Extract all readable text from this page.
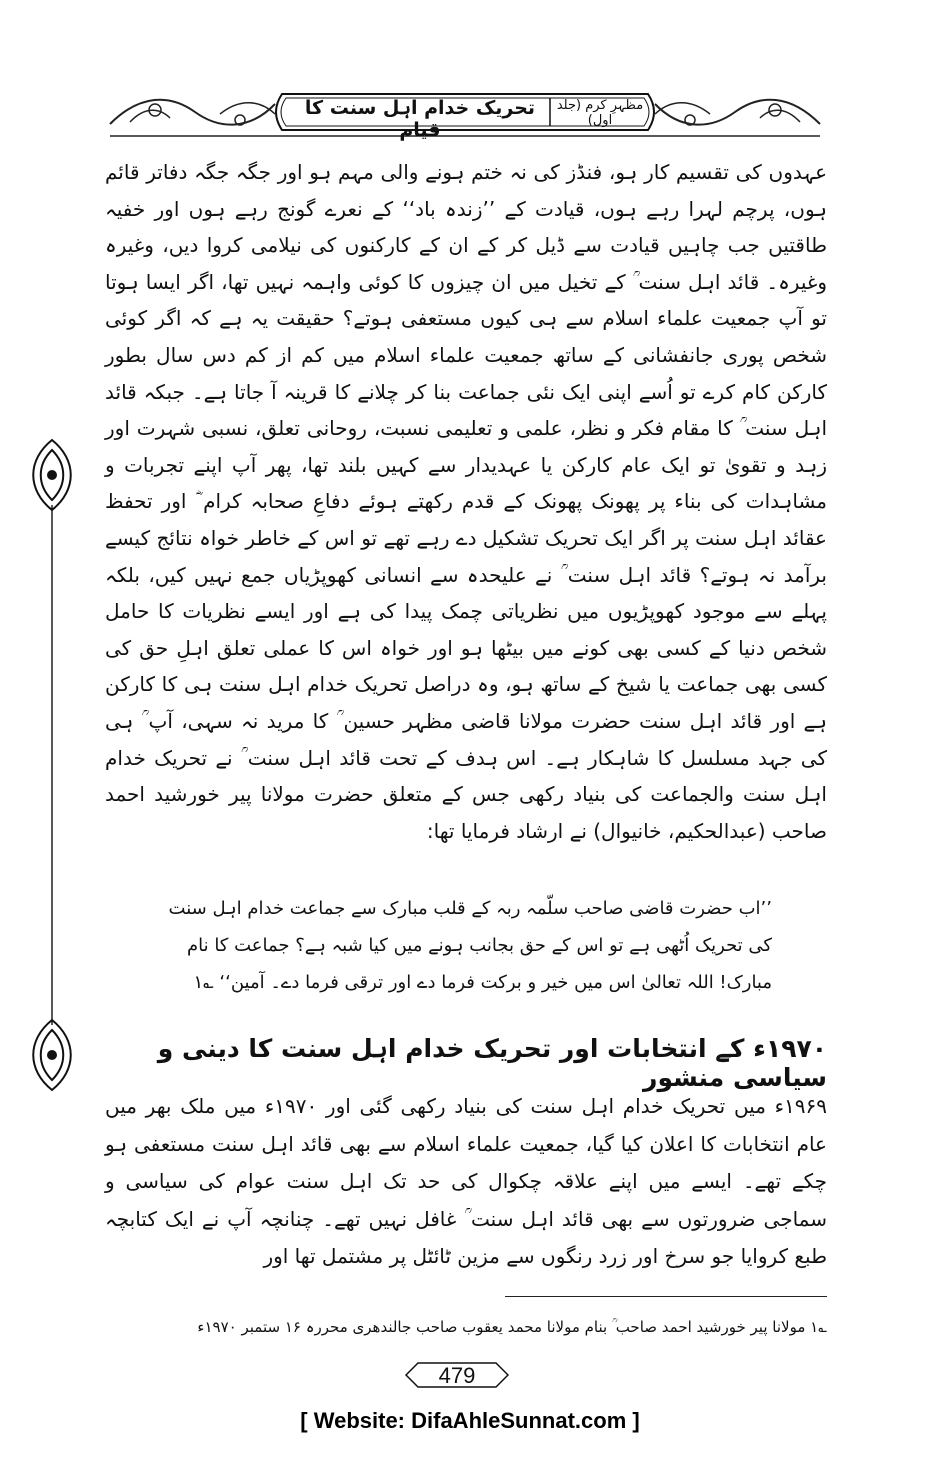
تحریک خدام اہل سنت کا قیام
مظہرِ کرم (جلد اول)

عہدوں کی تقسیم کار ہو، فنڈز کی نہ ختم ہونے والی مہم ہو اور جگہ جگہ دفاتر قائم ہوں، پرچم لہرا رہے ہوں، قیادت کے ’’زندہ باد‘‘ کے نعرے گونج رہے ہوں اور خفیہ طاقتیں جب چاہیں قیادت سے ڈیل کر کے ان کے کارکنوں کی نیلامی کروا دیں، وغیرہ وغیرہ۔ قائد اہل سنت ؒ کے تخیل میں ان چیزوں کا کوئی واہمہ نہیں تھا، اگر ایسا ہوتا تو آپ جمعیت علماء اسلام سے ہی کیوں مستعفی ہوتے؟ حقیقت یہ ہے کہ اگر کوئی شخص پوری جانفشانی کے ساتھ جمعیت علماء اسلام میں کم از کم دس سال بطور کارکن کام کرے تو اُسے اپنی ایک نئی جماعت بنا کر چلانے کا قرینہ آ جاتا ہے۔ جبکہ قائد اہل سنت ؒ کا مقام فکر و نظر، علمی و تعلیمی نسبت، روحانی تعلق، نسبی شہرت اور زہد و تقویٰ تو ایک عام کارکن یا عہدیدار سے کہیں بلند تھا، پھر آپ اپنے تجربات و مشاہدات کی بناء پر پھونک پھونک کے قدم رکھتے ہوئے دفاعِ صحابہ کرام ؓ اور تحفظ عقائد اہل سنت پر اگر ایک تحریک تشکیل دے رہے تھے تو اس کے خاطر خواہ نتائج کیسے برآمد نہ ہوتے؟ قائد اہل سنت ؒ نے علیحدہ سے انسانی کھوپڑیاں جمع نہیں کیں، بلکہ پہلے سے موجود کھوپڑیوں میں نظریاتی چمک پیدا کی ہے اور ایسے نظریات کا حامل شخص دنیا کے کسی بھی کونے میں بیٹھا ہو اور خواہ اس کا عملی تعلق اہلِ حق کی کسی بھی جماعت یا شیخ کے ساتھ ہو، وہ دراصل تحریک خدام اہل سنت ہی کا کارکن ہے اور قائد اہل سنت حضرت مولانا قاضی مظہر حسین ؒ کا مرید نہ سہی، آپ ؒ ہی کی جہد مسلسل کا شاہکار ہے۔ اس ہدف کے تحت قائد اہل سنت ؒ نے تحریک خدام اہل سنت والجماعت کی بنیاد رکھی جس کے متعلق حضرت مولانا پیر خورشید احمد صاحب (عبدالحکیم، خانیوال) نے ارشاد فرمایا تھا:

’’اب حضرت قاضی صاحب سلّمہ ربہ کے قلب مبارک سے جماعت خدام اہل سنت کی تحریک اُٹھی ہے تو اس کے حق بجانب ہونے میں کیا شبہ ہے؟ جماعت کا نام مبارک! اللہ تعالیٰ اس میں خیر و برکت فرما دے اور ترقی فرما دے۔ آمین‘‘ ؎۱
۱۹۷۰ء کے انتخابات اور تحریک خدام اہل سنت کا دینی و سیاسی منشور
۱۹۶۹ء میں تحریک خدام اہل سنت کی بنیاد رکھی گئی اور ۱۹۷۰ء میں ملک بھر میں عام انتخابات کا اعلان کیا گیا، جمعیت علماء اسلام سے بھی قائد اہل سنت مستعفی ہو چکے تھے۔ ایسے میں اپنے علاقہ چکوال کی حد تک اہل سنت عوام کی سیاسی و سماجی ضرورتوں سے بھی قائد اہل سنت ؒ غافل نہیں تھے۔ چنانچہ آپ نے ایک کتابچہ طبع کروایا جو سرخ اور زرد رنگوں سے مزین ٹائٹل پر مشتمل تھا اور
؎۱ مولانا پیر خورشید احمد صاحب ؒ بنام مولانا محمد یعقوب صاحب جالندھری محررہ ۱۶ ستمبر ۱۹۷۰ء
479
[ Website: DifaAhleSunnat.com ]
